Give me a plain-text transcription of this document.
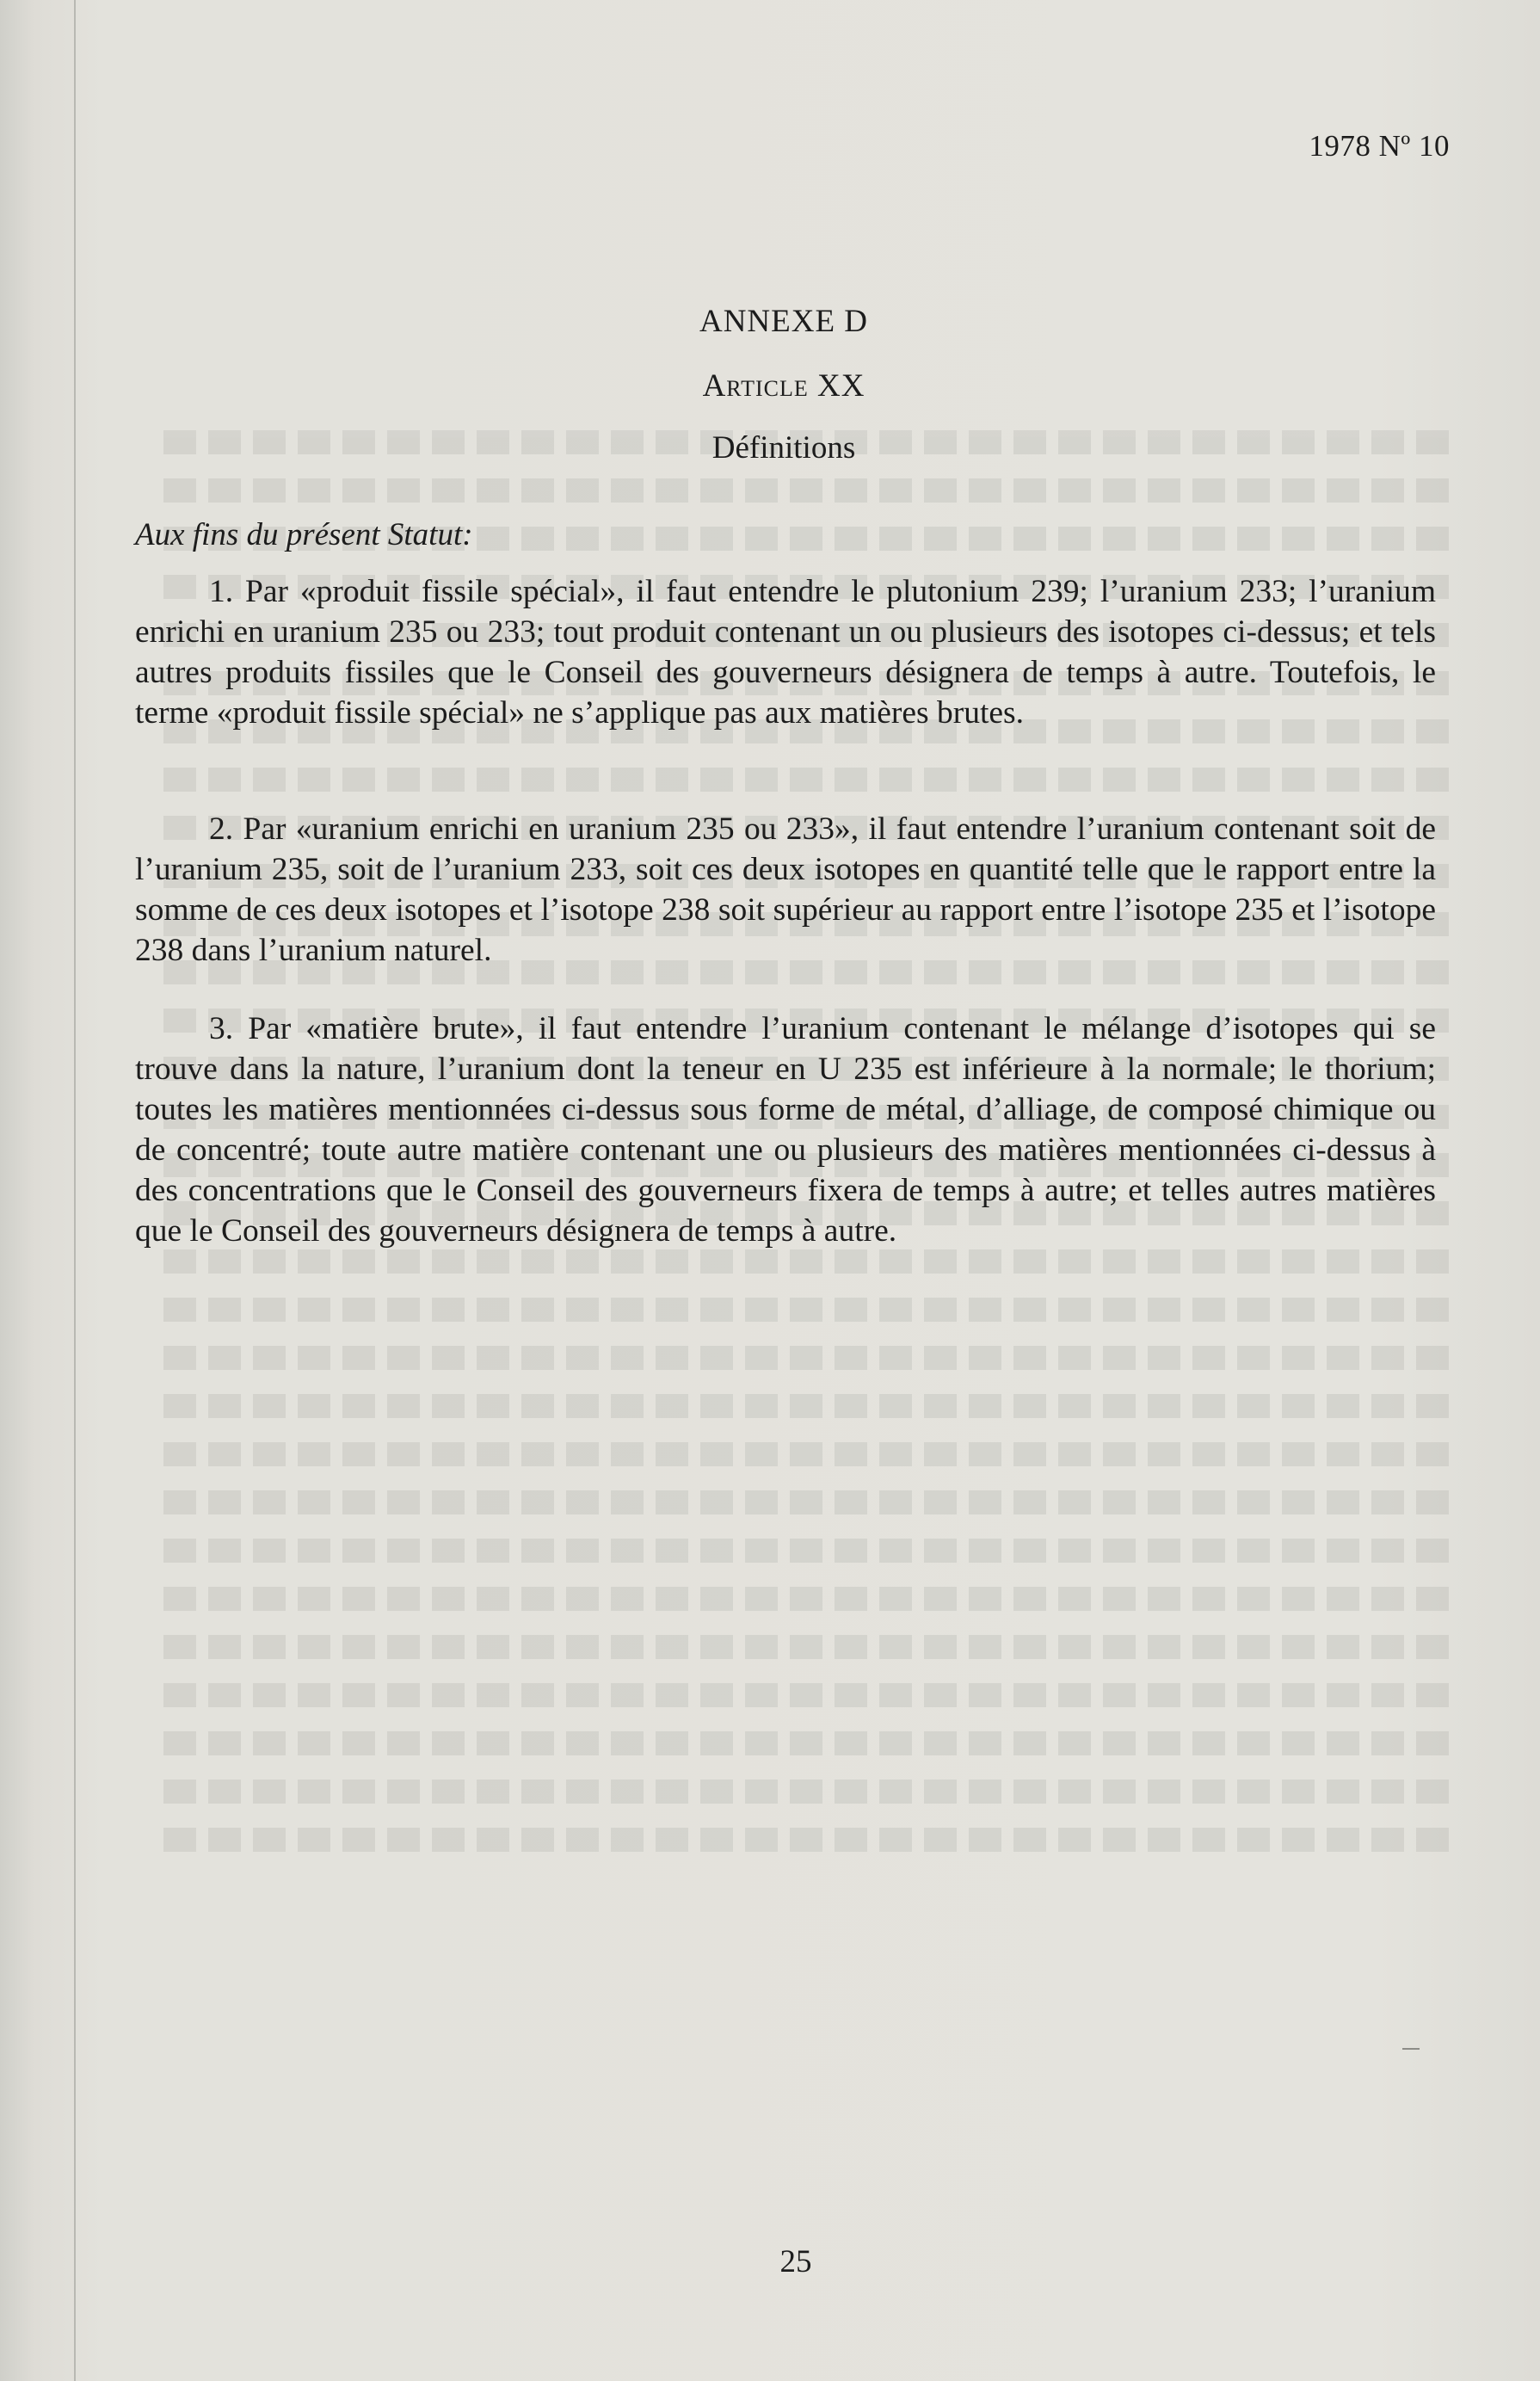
1978 Nº 10
ANNEXE D
Article XX
Définitions
Aux fins du présent Statut:

1. Par «produit fissile spécial», il faut entendre le plutonium 239; l’uranium 233; l’uranium enrichi en uranium 235 ou 233; tout produit contenant un ou plusieurs des isotopes ci-dessus; et tels autres produits fissiles que le Conseil des gouverneurs désignera de temps à autre. Toutefois, le terme «produit fissile spécial» ne s’applique pas aux matières brutes.

2. Par «uranium enrichi en uranium 235 ou 233», il faut entendre l’uranium contenant soit de l’uranium 235, soit de l’uranium 233, soit ces deux isotopes en quantité telle que le rapport entre la somme de ces deux isotopes et l’isotope 238 soit supérieur au rapport entre l’isotope 235 et l’isotope 238 dans l’uranium naturel.

3. Par «matière brute», il faut entendre l’uranium contenant le mélange d’isotopes qui se trouve dans la nature, l’uranium dont la teneur en U 235 est inférieure à la normale; le thorium; toutes les matières mentionnées ci-dessus sous forme de métal, d’alliage, de composé chimique ou de concentré; toute autre matière contenant une ou plusieurs des matières mentionnées ci-dessus à des concentrations que le Conseil des gouverneurs fixera de temps à autre; et telles autres matières que le Conseil des gouverneurs désignera de temps à autre.

25
